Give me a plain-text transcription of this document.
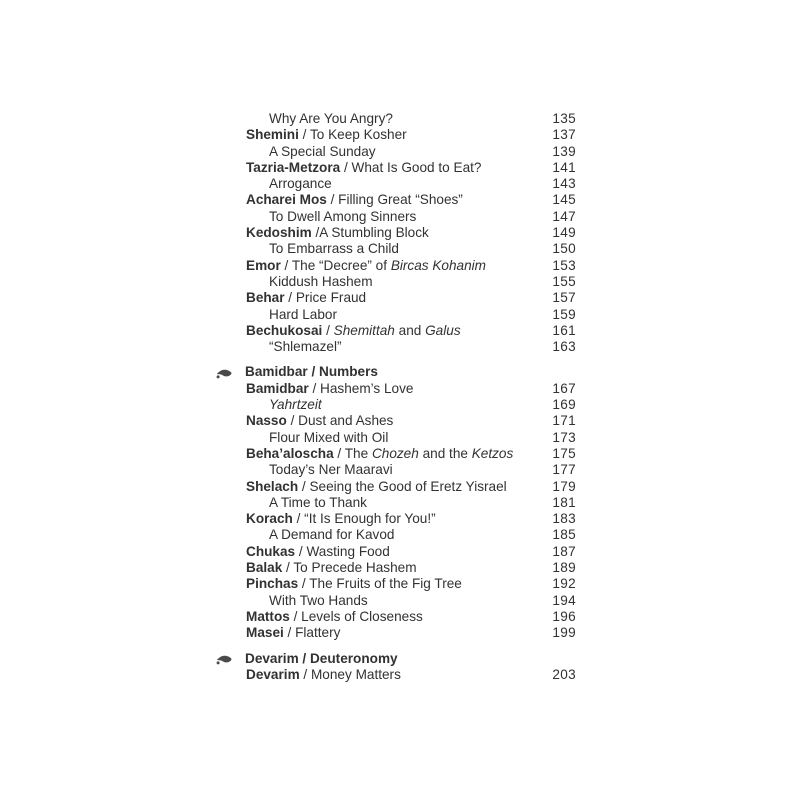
Why Are You Angry?	135
Shemini / To Keep Kosher	137
A Special Sunday	139
Tazria-Metzora / What Is Good to Eat?	141
Arrogance	143
Acharei Mos / Filling Great “Shoes”	145
To Dwell Among Sinners	147
Kedoshim /A Stumbling Block	149
To Embarrass a Child	150
Emor / The “Decree” of Bircas Kohanim	153
Kiddush Hashem	155
Behar / Price Fraud	157
Hard Labor	159
Bechukosai / Shemittah and Galus	161
“Shlemazel”	163
Bamidbar / Numbers
Bamidbar / Hashem’s Love	167
Yahrtzeit	169
Nasso / Dust and Ashes	171
Flour Mixed with Oil	173
Beha’aloscha / The Chozeh and the Ketzos	175
Today’s Ner Maaravi	177
Shelach / Seeing the Good of Eretz Yisrael	179
A Time to Thank	181
Korach / “It Is Enough for You!”	183
A Demand for Kavod	185
Chukas / Wasting Food	187
Balak / To Precede Hashem	189
Pinchas / The Fruits of the Fig Tree	192
With Two Hands	194
Mattos / Levels of Closeness	196
Masei / Flattery	199
Devarim / Deuteronomy
Devarim / Money Matters	203
